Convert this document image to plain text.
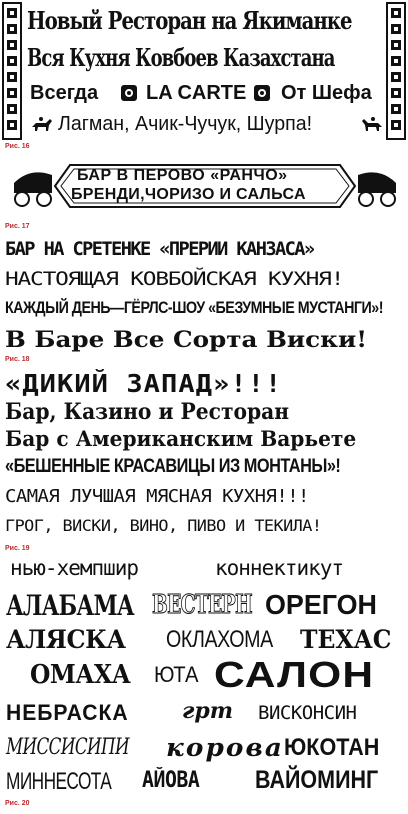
Новый Ресторан на Якиманке
Вся Кухня Ковбоев Казахстана
Всегда LA CARTE От Шефа
Лагман, Ачик-Чучук, Шурпа!
Рис. 16
БАР В ПЕРОВО «РАНЧО»
БРЕНДИ,ЧОРИЗО И САЛЬСА
Рис. 17
БАР НА СРЕТЕНКЕ «ПРЕРИИ КАНЗАСА»
НАСТОЯЩАЯ КОВБОЙСКАЯ КУХНЯ!
КАЖДЫЙ ДЕНЬ—ГЁРЛС-ШОУ «БЕЗУМНЫЕ МУСТАНГИ»!
В Баре Все Сорта Виски!
Рис. 18
«ДИКИЙ ЗАПАД»!!!
Бар, Казино и Ресторан
Бар с Американским Варьете
«БЕШЕННЫЕ КРАСАВИЦЫ ИЗ МОНТАНЫ»!
САМАЯ ЛУЧШАЯ МЯСНАЯ КУХНЯ!!!
ГРОГ, ВИСКИ, ВИНО, ПИВО И ТЕКИЛА!
Рис. 19
нью-хемпшир	коннектикут
АЛАБАМА ВЕСТЕРН ОРЕГОН
АЛЯСКА ОКЛАХОМА ТЕХАС
ОМАХА ЮТА САЛОН
НЕБРАСКА грт ВИСКОНСИН
МИССИСИПИ корова ЮКОТАН
МИННЕСОТА АЙОВА ВАЙОМИНГ
Рис. 20
